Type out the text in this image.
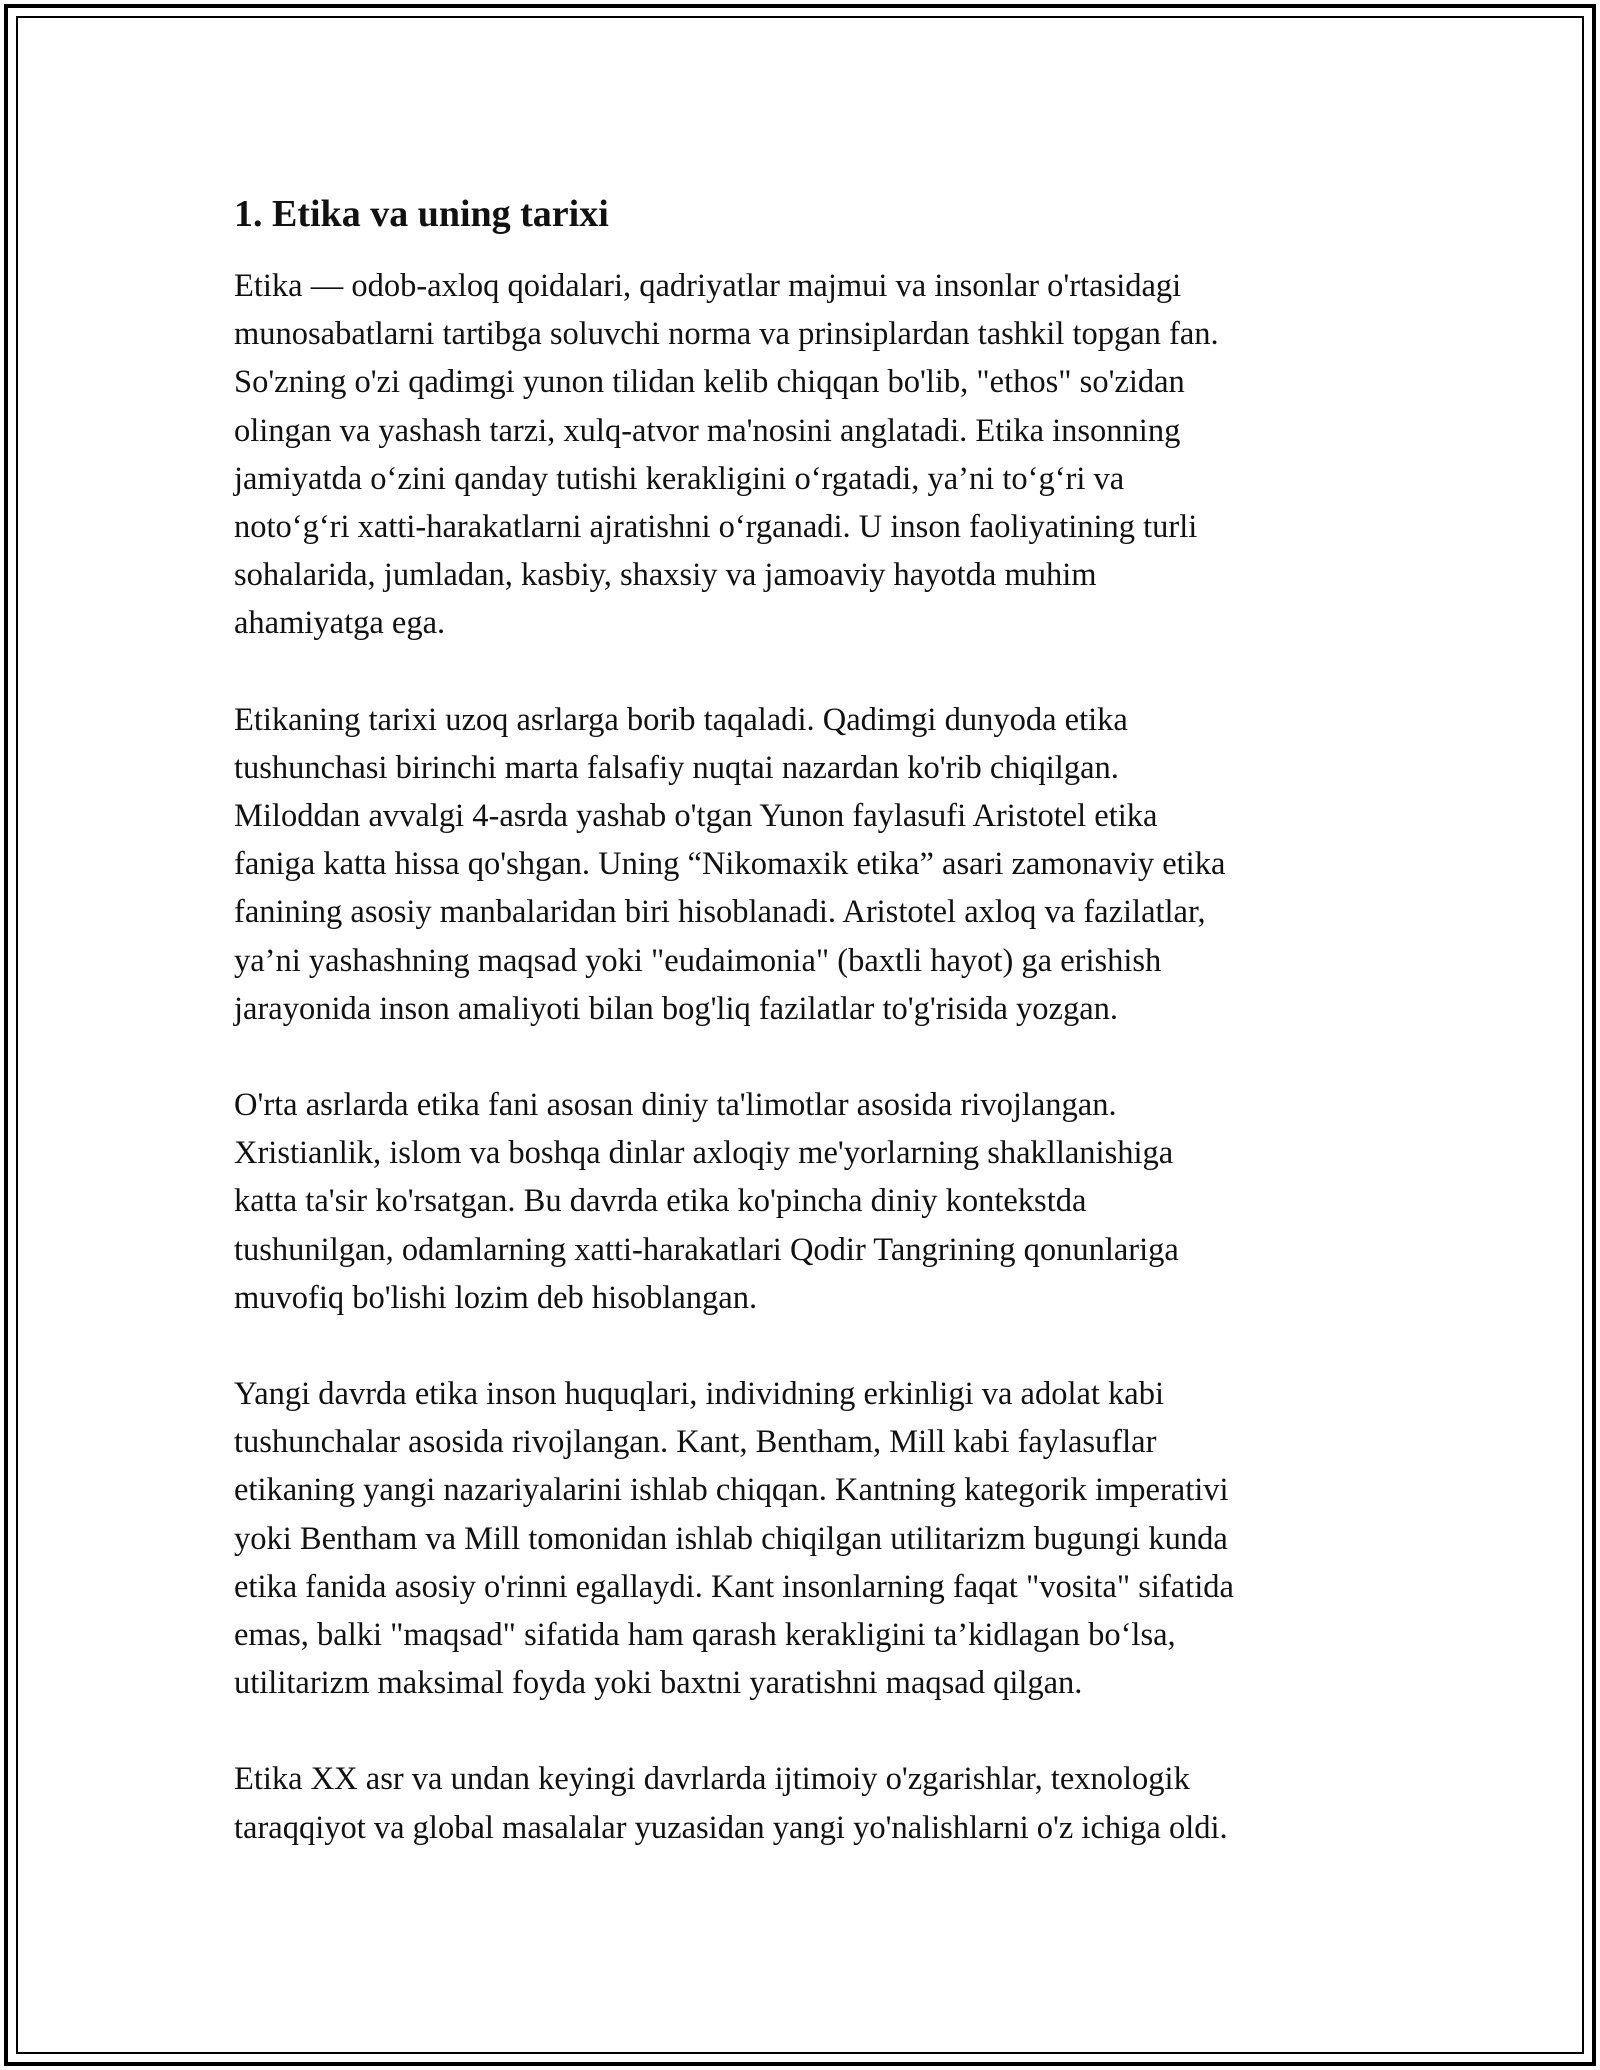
1. Etika va uning tarixi
Etika — odob-axloq qoidalari, qadriyatlar majmui va insonlar o'rtasidagi
munosabatlarni tartibga soluvchi norma va prinsiplardan tashkil topgan fan.
So'zning o'zi qadimgi yunon tilidan kelib chiqqan bo'lib, "ethos" so'zidan
olingan va yashash tarzi, xulq-atvor ma'nosini anglatadi. Etika insonning
jamiyatda o‘zini qanday tutishi kerakligini o‘rgatadi, ya’ni to‘g‘ri va
noto‘g‘ri xatti-harakatlarni ajratishni o‘rganadi. U inson faoliyatining turli
sohalarida, jumladan, kasbiy, shaxsiy va jamoaviy hayotda muhim
ahamiyatga ega.
Etikaning tarixi uzoq asrlarga borib taqaladi. Qadimgi dunyoda etika
tushunchasi birinchi marta falsafiy nuqtai nazardan ko'rib chiqilgan.
Miloddan avvalgi 4-asrda yashab o'tgan Yunon faylasufi Aristotel etika
faniga katta hissa qo'shgan. Uning “Nikomaxik etika” asari zamonaviy etika
fanining asosiy manbalaridan biri hisoblanadi. Aristotel axloq va fazilatlar,
ya’ni yashashning maqsad yoki "eudaimonia" (baxtli hayot) ga erishish
jarayonida inson amaliyoti bilan bog'liq fazilatlar to'g'risida yozgan.
O'rta asrlarda etika fani asosan diniy ta'limotlar asosida rivojlangan.
Xristianlik, islom va boshqa dinlar axloqiy me'yorlarning shakllanishiga
katta ta'sir ko'rsatgan. Bu davrda etika ko'pincha diniy kontekstda
tushunilgan, odamlarning xatti-harakatlari Qodir Tangrining qonunlariga
muvofiq bo'lishi lozim deb hisoblangan.
Yangi davrda etika inson huquqlari, individning erkinligi va adolat kabi
tushunchalar asosida rivojlangan. Kant, Bentham, Mill kabi faylasuflar
etikaning yangi nazariyalarini ishlab chiqqan. Kantning kategorik imperativi
yoki Bentham va Mill tomonidan ishlab chiqilgan utilitarizm bugungi kunda
etika fanida asosiy o'rinni egallaydi. Kant insonlarning faqat "vosita" sifatida
emas, balki "maqsad" sifatida ham qarash kerakligini ta’kidlagan bo‘lsa,
utilitarizm maksimal foyda yoki baxtni yaratishni maqsad qilgan.
Etika XX asr va undan keyingi davrlarda ijtimoiy o'zgarishlar, texnologik
taraqqiyot va global masalalar yuzasidan yangi yo'nalishlarni o'z ichiga oldi.
